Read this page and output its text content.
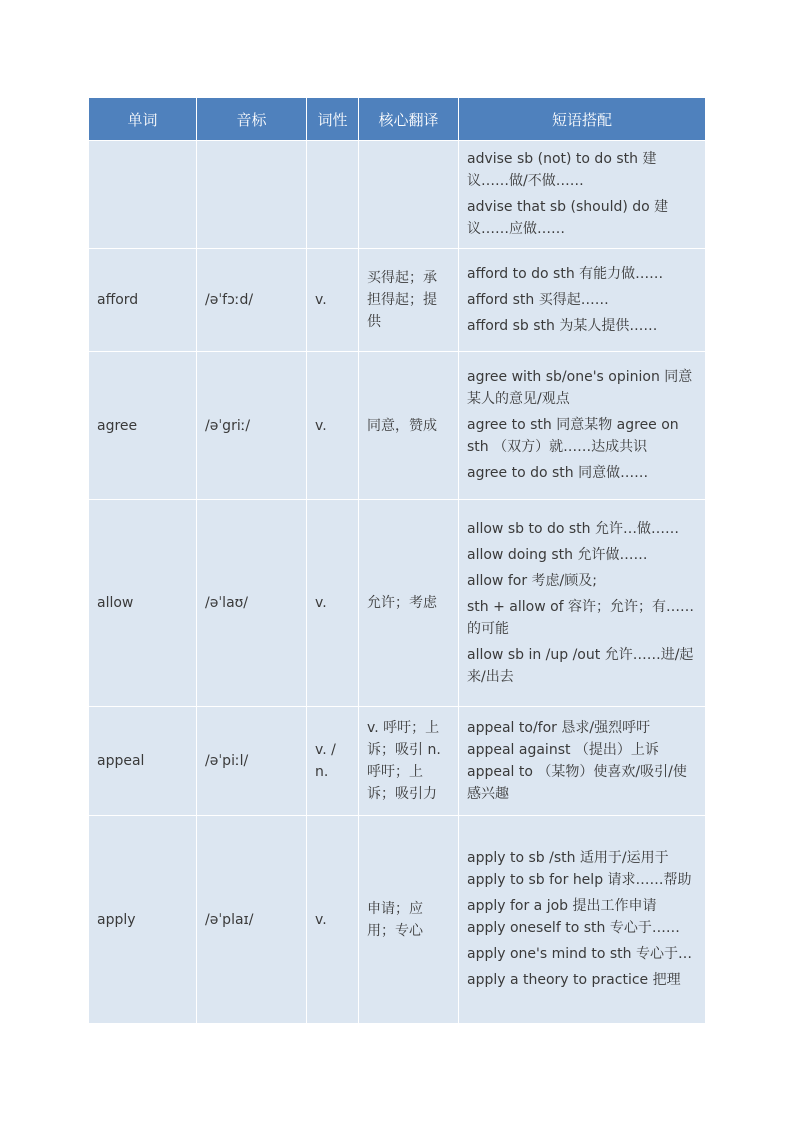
单词	音标	词性	核心翻译	短语搭配

				advise sb (not) to do sth 建议……做/不做……
advise that sb (should) do 建议……应做……

afford	/əˈfɔːd/	v.	买得起；承担得起；提供	afford to do sth 有能力做……
afford sth 买得起……
afford sb sth 为某人提供……

agree	/əˈgriː/	v.	同意，赞成	agree with sb/one's opinion 同意某人的意见/观点
agree to sth 同意某物 agree on sth （双方）就……达成共识
agree to do sth 同意做……

allow	/əˈlaʊ/	v.	允许；考虑	allow sb to do sth 允许…做……
allow doing sth 允许做……
allow for 考虑/顾及;
sth + allow of 容许；允许；有……的可能
allow sb in /up /out 允许……进/起来/出去

appeal	/əˈpiːl/	v. / n.	v. 呼吁；上诉；吸引 n. 呼吁；上诉；吸引力	appeal to/for 恳求/强烈呼吁
appeal against （提出）上诉
appeal to （某物）使喜欢/吸引/使感兴趣

apply	/əˈplaɪ/	v.	申请；应用；专心	apply to sb /sth 适用于/运用于 apply to sb for help 请求……帮助
apply for a job 提出工作申请 apply oneself to sth 专心于……
apply one's mind to sth 专心于…
apply a theory to practice 把理
